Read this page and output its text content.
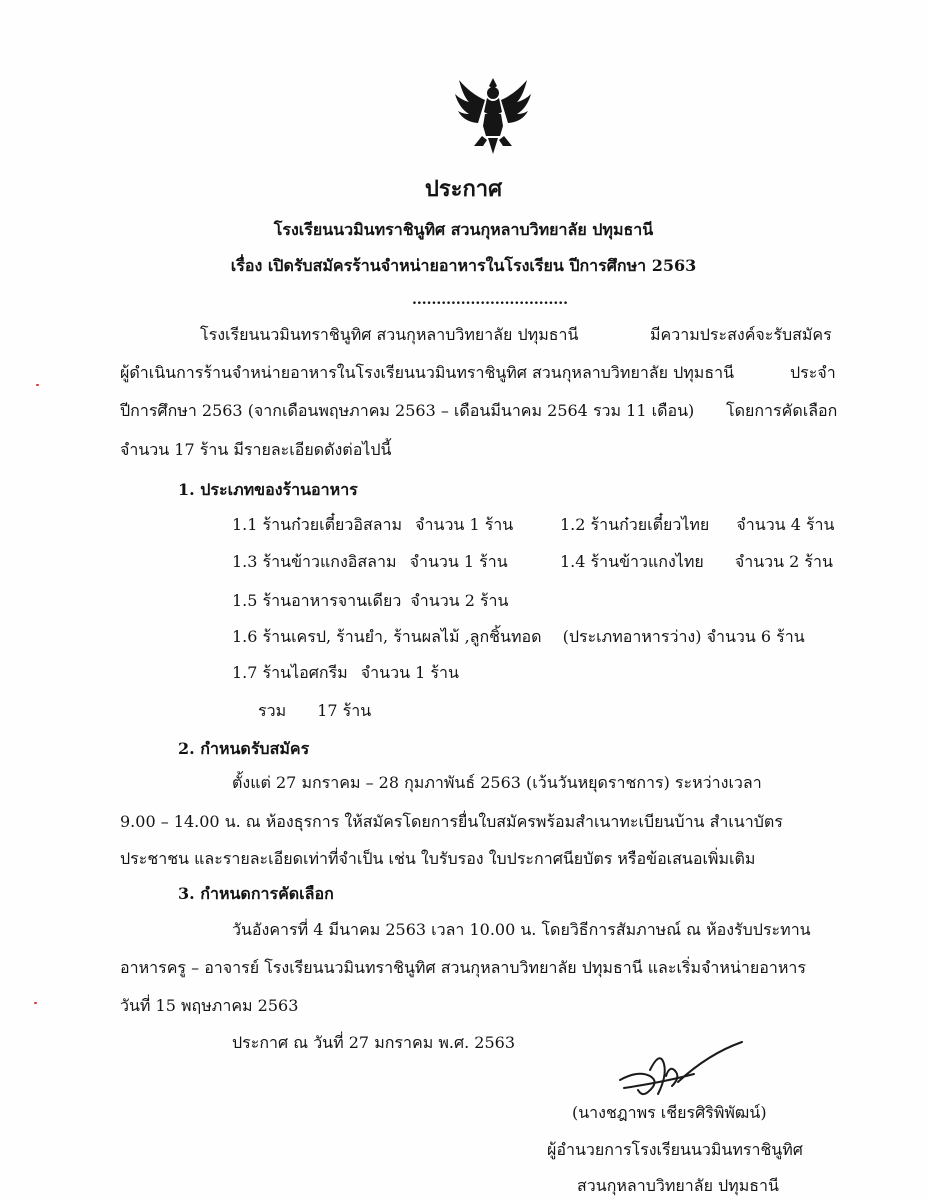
ประกาศ
โรงเรียนนวมินทราชินูทิศ สวนกุหลาบวิทยาลัย ปทุมธานี
เรื่อง เปิดรับสมัครร้านจำหน่ายอาหารในโรงเรียน ปีการศึกษา 2563
................................
โรงเรียนนวมินทราชินูทิศ สวนกุหลาบวิทยาลัย ปทุมธานี	มีความประสงค์จะรับสมัคร
ผู้ดำเนินการร้านจำหน่ายอาหารในโรงเรียนนวมินทราชินูทิศ สวนกุหลาบวิทยาลัย ปทุมธานี	ประจำ
ปีการศึกษา 2563 (จากเดือนพฤษภาคม 2563 – เดือนมีนาคม 2564 รวม 11 เดือน) โดยการคัดเลือก
จำนวน 17 ร้าน มีรายละเอียดดังต่อไปนี้
1. ประเภทของร้านอาหาร
1.1 ร้านก๋วยเตี๋ยวอิสลาม จำนวน 1 ร้าน	1.2 ร้านก๋วยเตี๋ยวไทย จำนวน 4 ร้าน
1.3 ร้านข้าวแกงอิสลาม จำนวน 1 ร้าน	1.4 ร้านข้าวแกงไทย จำนวน 2 ร้าน
1.5 ร้านอาหารจานเดียว จำนวน 2 ร้าน
1.6 ร้านเครป, ร้านยำ, ร้านผลไม้ ,ลูกชิ้นทอด (ประเภทอาหารว่าง) จำนวน 6 ร้าน
1.7 ร้านไอศกรีม จำนวน 1 ร้าน
รวม 17 ร้าน
2. กำหนดรับสมัคร
ตั้งแต่ 27 มกราคม – 28 กุมภาพันธ์ 2563 (เว้นวันหยุดราชการ) ระหว่างเวลา
9.00 – 14.00 น. ณ ห้องธุรการ ให้สมัครโดยการยื่นใบสมัครพร้อมสำเนาทะเบียนบ้าน สำเนาบัตร
ประชาชน และรายละเอียดเท่าที่จำเป็น เช่น ใบรับรอง ใบประกาศนียบัตร หรือข้อเสนอเพิ่มเติม
3. กำหนดการคัดเลือก
วันอังคารที่ 4 มีนาคม 2563 เวลา 10.00 น. โดยวิธีการสัมภาษณ์ ณ ห้องรับประทาน
อาหารครู – อาจารย์ โรงเรียนนวมินทราชินูทิศ สวนกุหลาบวิทยาลัย ปทุมธานี และเริ่มจำหน่ายอาหาร
วันที่ 15 พฤษภาคม 2563
ประกาศ ณ วันที่ 27 มกราคม พ.ศ. 2563
(นางชฎาพร เชียรศิริพิพัฒน์)
ผู้อำนวยการโรงเรียนนวมินทราชินูทิศ
สวนกุหลาบวิทยาลัย ปทุมธานี
